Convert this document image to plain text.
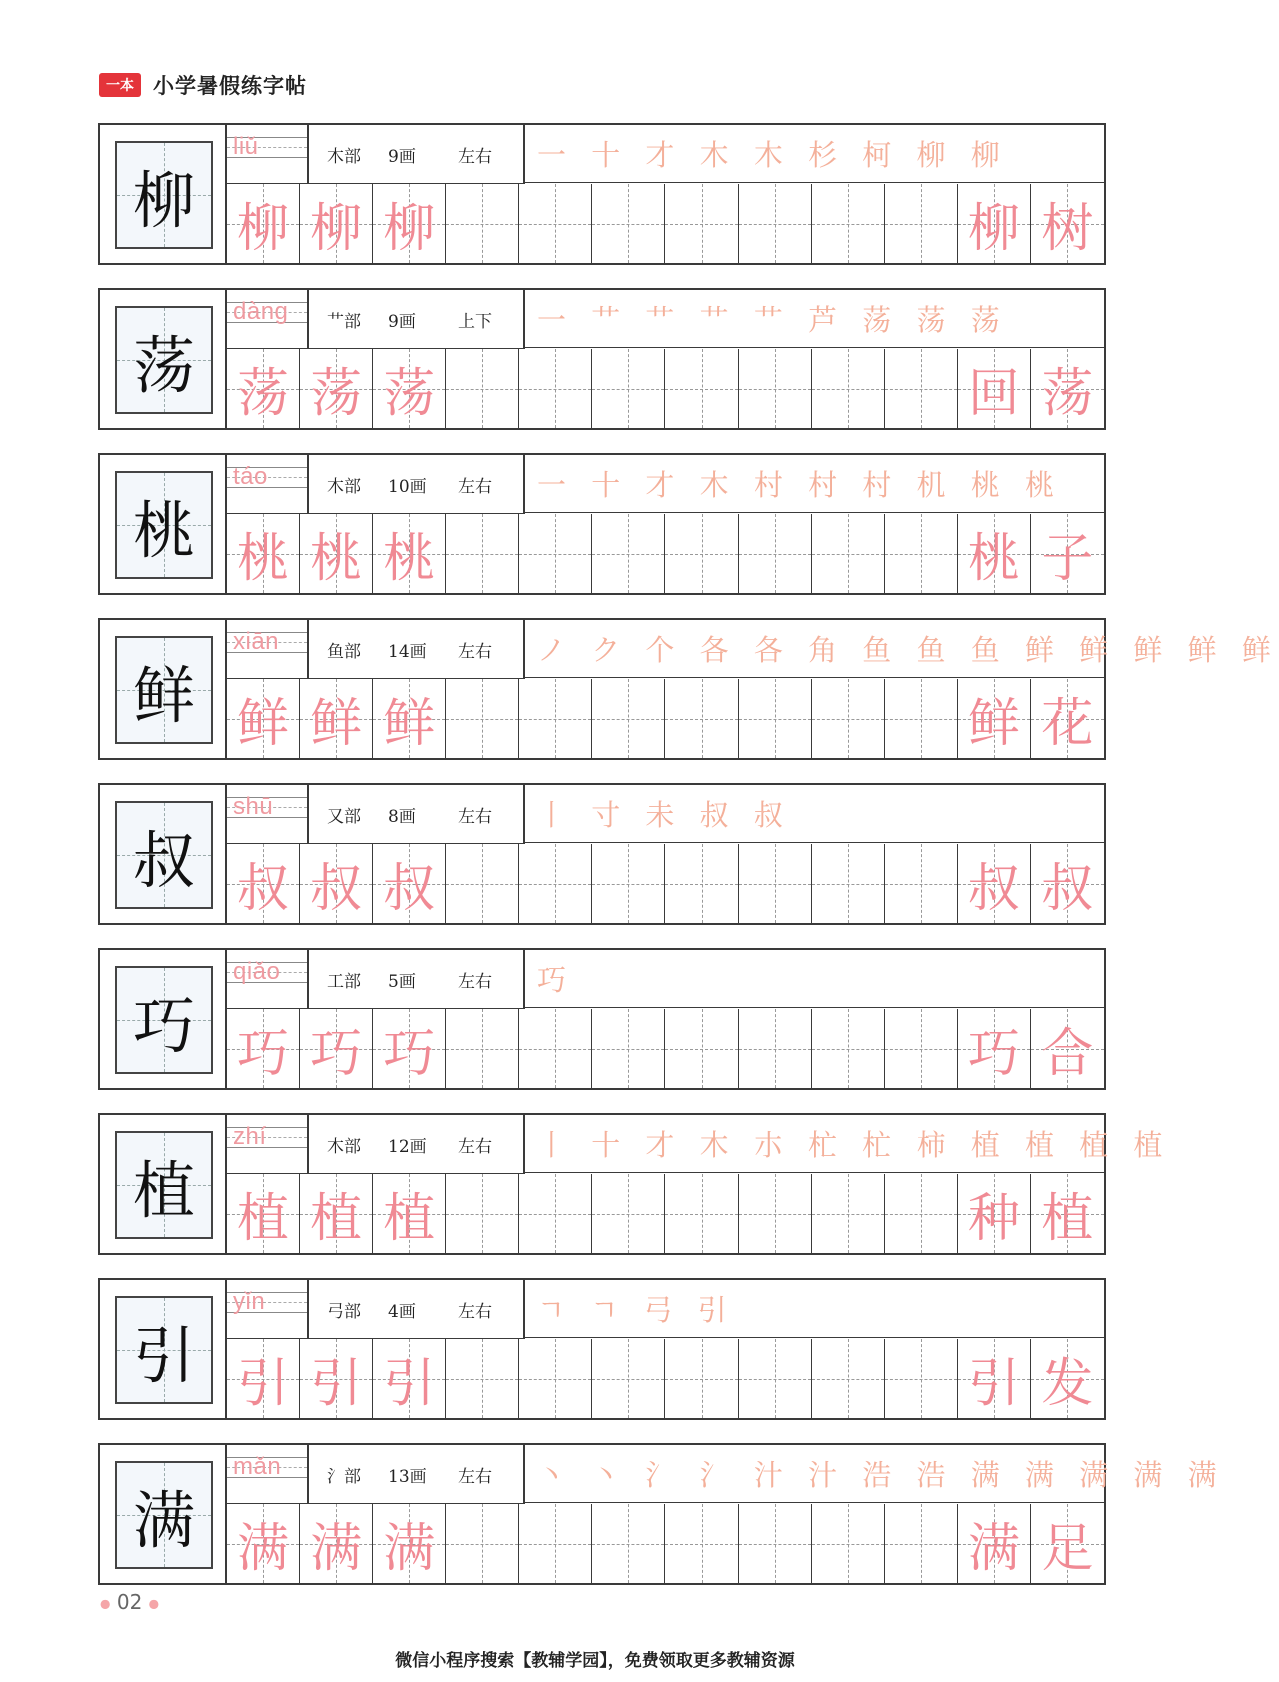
一本 小学暑假练字帖
柳
liǔ	木部 9画 左右 一 十 才 木 木 杉 柯 柳 柳
柳 柳 柳	柳 树
荡
dàng 艹部 9画 上下 一 艹 艹 艹 艹 芦 荡 荡 荡
荡 荡 荡	回 荡
桃
táo	木部 10画 左右 一 十 才 木 村 村 村 机 桃 桃
桃 桃 桃	桃 子
鲜
xiān	鱼部 14画 左右 ノ ク 个 各 各 角 鱼 鱼 鱼 鲜 鲜 鲜 鲜 鲜
鲜 鲜 鲜	鲜 花
叔
shū	又部 8画 左右 丨 寸 未 叔 叔
叔 叔 叔	叔 叔
巧
qiǎo	工部 5画 左右 巧
巧 巧 巧	巧 合
植
zhí	木部 12画 左右 丨 十 才 木 朩 杧 杧 柿 植 植 植 植
植 植 植	种 植
引
yǐn	弓部 4画 左右 ㄱ ㄱ 弓 引
引 引 引	引 发
满
mǎn	氵部 13画 左右 丶 丶 氵 氵 汁 汁 浩 浩 满 满 满 满 满
满 满 满	满 足
● 02 ●
微信小程序搜索【教辅学园】，免费领取更多教辅资源
